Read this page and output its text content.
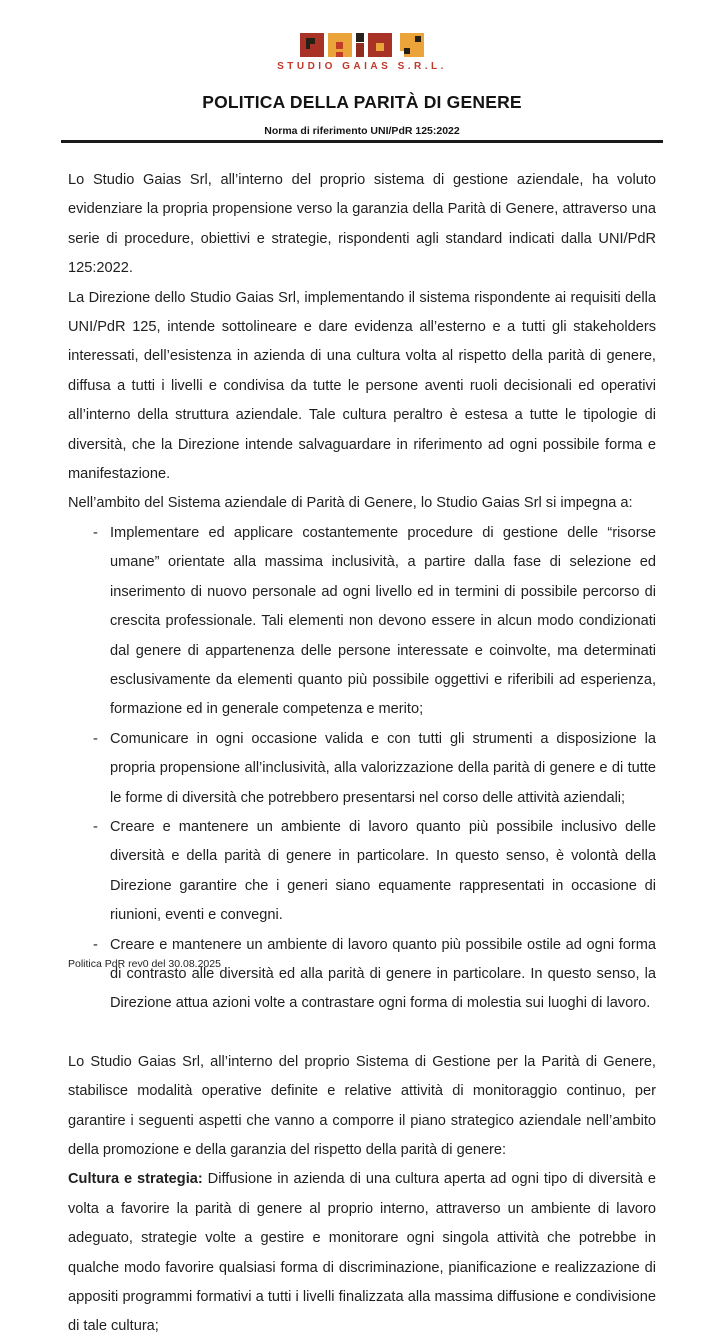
STUDIO GAIAS S.R.L.
POLITICA DELLA PARITÀ DI GENERE
Norma di riferimento UNI/PdR 125:2022

Lo Studio Gaias Srl, all’interno del proprio sistema di gestione aziendale, ha voluto evidenziare la propria propensione verso la garanzia della Parità di Genere, attraverso una serie di procedure, obiettivi e strategie, rispondenti agli standard indicati dalla UNI/PdR 125:2022.

La Direzione dello Studio Gaias Srl, implementando il sistema rispondente ai requisiti della UNI/PdR 125, intende sottolineare e dare evidenza all’esterno e a tutti gli stakeholders interessati, dell’esistenza in azienda di una cultura volta al rispetto della parità di genere, diffusa a tutti i livelli e condivisa da tutte le persone aventi ruoli decisionali ed operativi all’interno della struttura aziendale. Tale cultura peraltro è estesa a tutte le tipologie di diversità, che la Direzione intende salvaguardare in riferimento ad ogni possibile forma e manifestazione.

Nell’ambito del Sistema aziendale di Parità di Genere, lo Studio Gaias Srl si impegna a:

- Implementare ed applicare costantemente procedure di gestione delle “risorse umane” orientate alla massima inclusività, a partire dalla fase di selezione ed inserimento di nuovo personale ad ogni livello ed in termini di possibile percorso di crescita professionale. Tali elementi non devono essere in alcun modo condizionati dal genere di appartenenza delle persone interessate e coinvolte, ma determinati esclusivamente da elementi quanto più possibile oggettivi e riferibili ad esperienza, formazione ed in generale competenza e merito;
- Comunicare in ogni occasione valida e con tutti gli strumenti a disposizione la propria propensione all’inclusività, alla valorizzazione della parità di genere e di tutte le forme di diversità che potrebbero presentarsi nel corso delle attività aziendali;
- Creare e mantenere un ambiente di lavoro quanto più possibile inclusivo delle diversità e della parità di genere in particolare. In questo senso, è volontà della Direzione garantire che i generi siano equamente rappresentati in occasione di riunioni, eventi e convegni.
- Creare e mantenere un ambiente di lavoro quanto più possibile ostile ad ogni forma di contrasto alle diversità ed alla parità di genere in particolare. In questo senso, la Direzione attua azioni volte a contrastare ogni forma di molestia sui luoghi di lavoro.

Lo Studio Gaias Srl, all’interno del proprio Sistema di Gestione per la Parità di Genere, stabilisce modalità operative definite e relative attività di monitoraggio continuo, per garantire i seguenti aspetti che vanno a comporre il piano strategico aziendale nell’ambito della promozione e della garanzia del rispetto della parità di genere:

Cultura e strategia: Diffusione in azienda di una cultura aperta ad ogni tipo di diversità e volta a favorire la parità di genere al proprio interno, attraverso un ambiente di lavoro adeguato, strategie volte a gestire e monitorare ogni singola attività che potrebbe in qualche modo favorire qualsiasi forma di discriminazione, pianificazione e realizzazione di appositi programmi formativi a tutti i livelli finalizzata alla massima diffusione e condivisione di tale cultura;

Politica PdR rev0 del 30.08.2025
